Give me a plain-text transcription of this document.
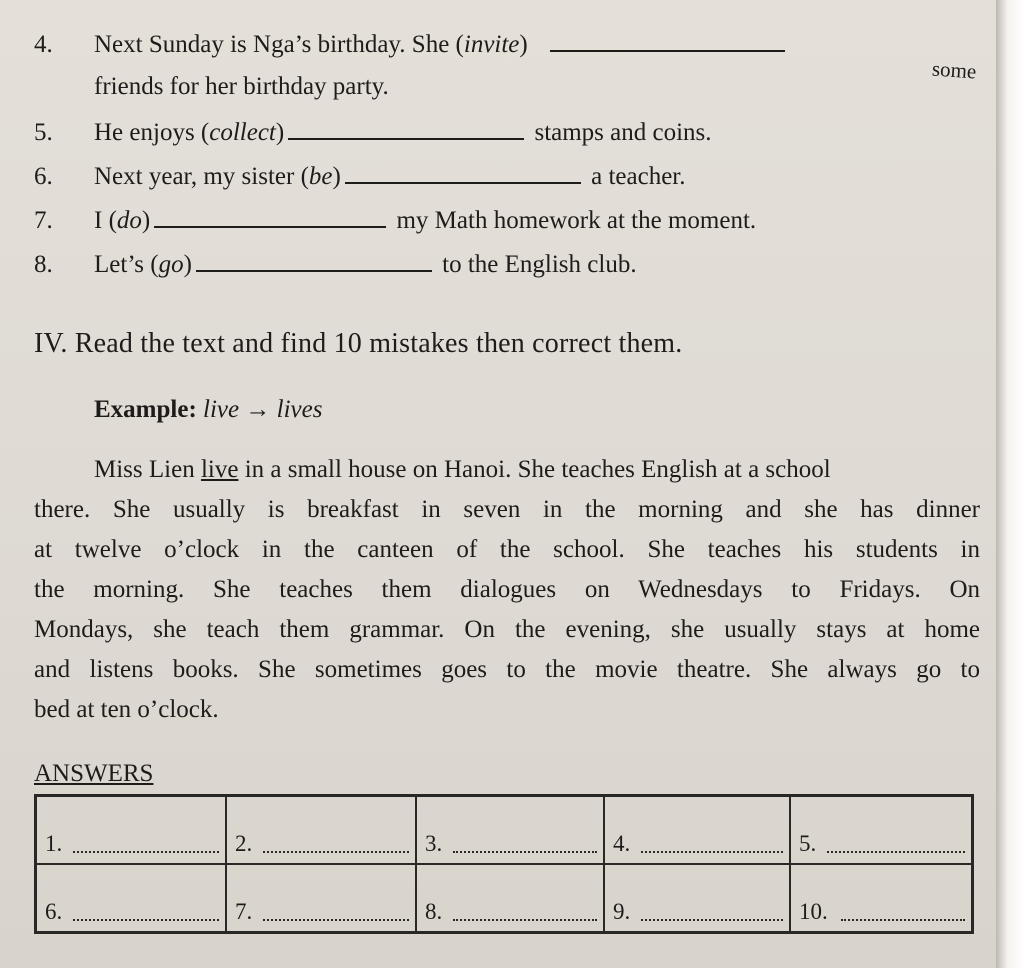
4. Next Sunday is Nga’s birthday. She (invite)
some
friends for her birthday party.
5. He enjoys (collect)	stamps and coins.
6. Next year, my sister (be)	a teacher.
7. I (do)	my Math homework at the moment.
8. Let’s (go)	to the English club.
IV. Read the text and find 10 mistakes then correct them.
Example: live → lives
Miss Lien live in a small house on Hanoi. She teaches English at a school
there. She usually is breakfast in seven in the morning and she has dinner
at twelve o’clock in the canteen of the school. She teaches his students in
the morning. She teaches them dialogues on Wednesdays to Fridays. On
Mondays, she teach them grammar. On the evening, she usually stays at home
and listens books. She sometimes goes to the movie theatre. She always go to
bed at ten o’clock.
ANSWERS
1.	2.	3.	4.	5.
6.	7.	8.	9.	10.
